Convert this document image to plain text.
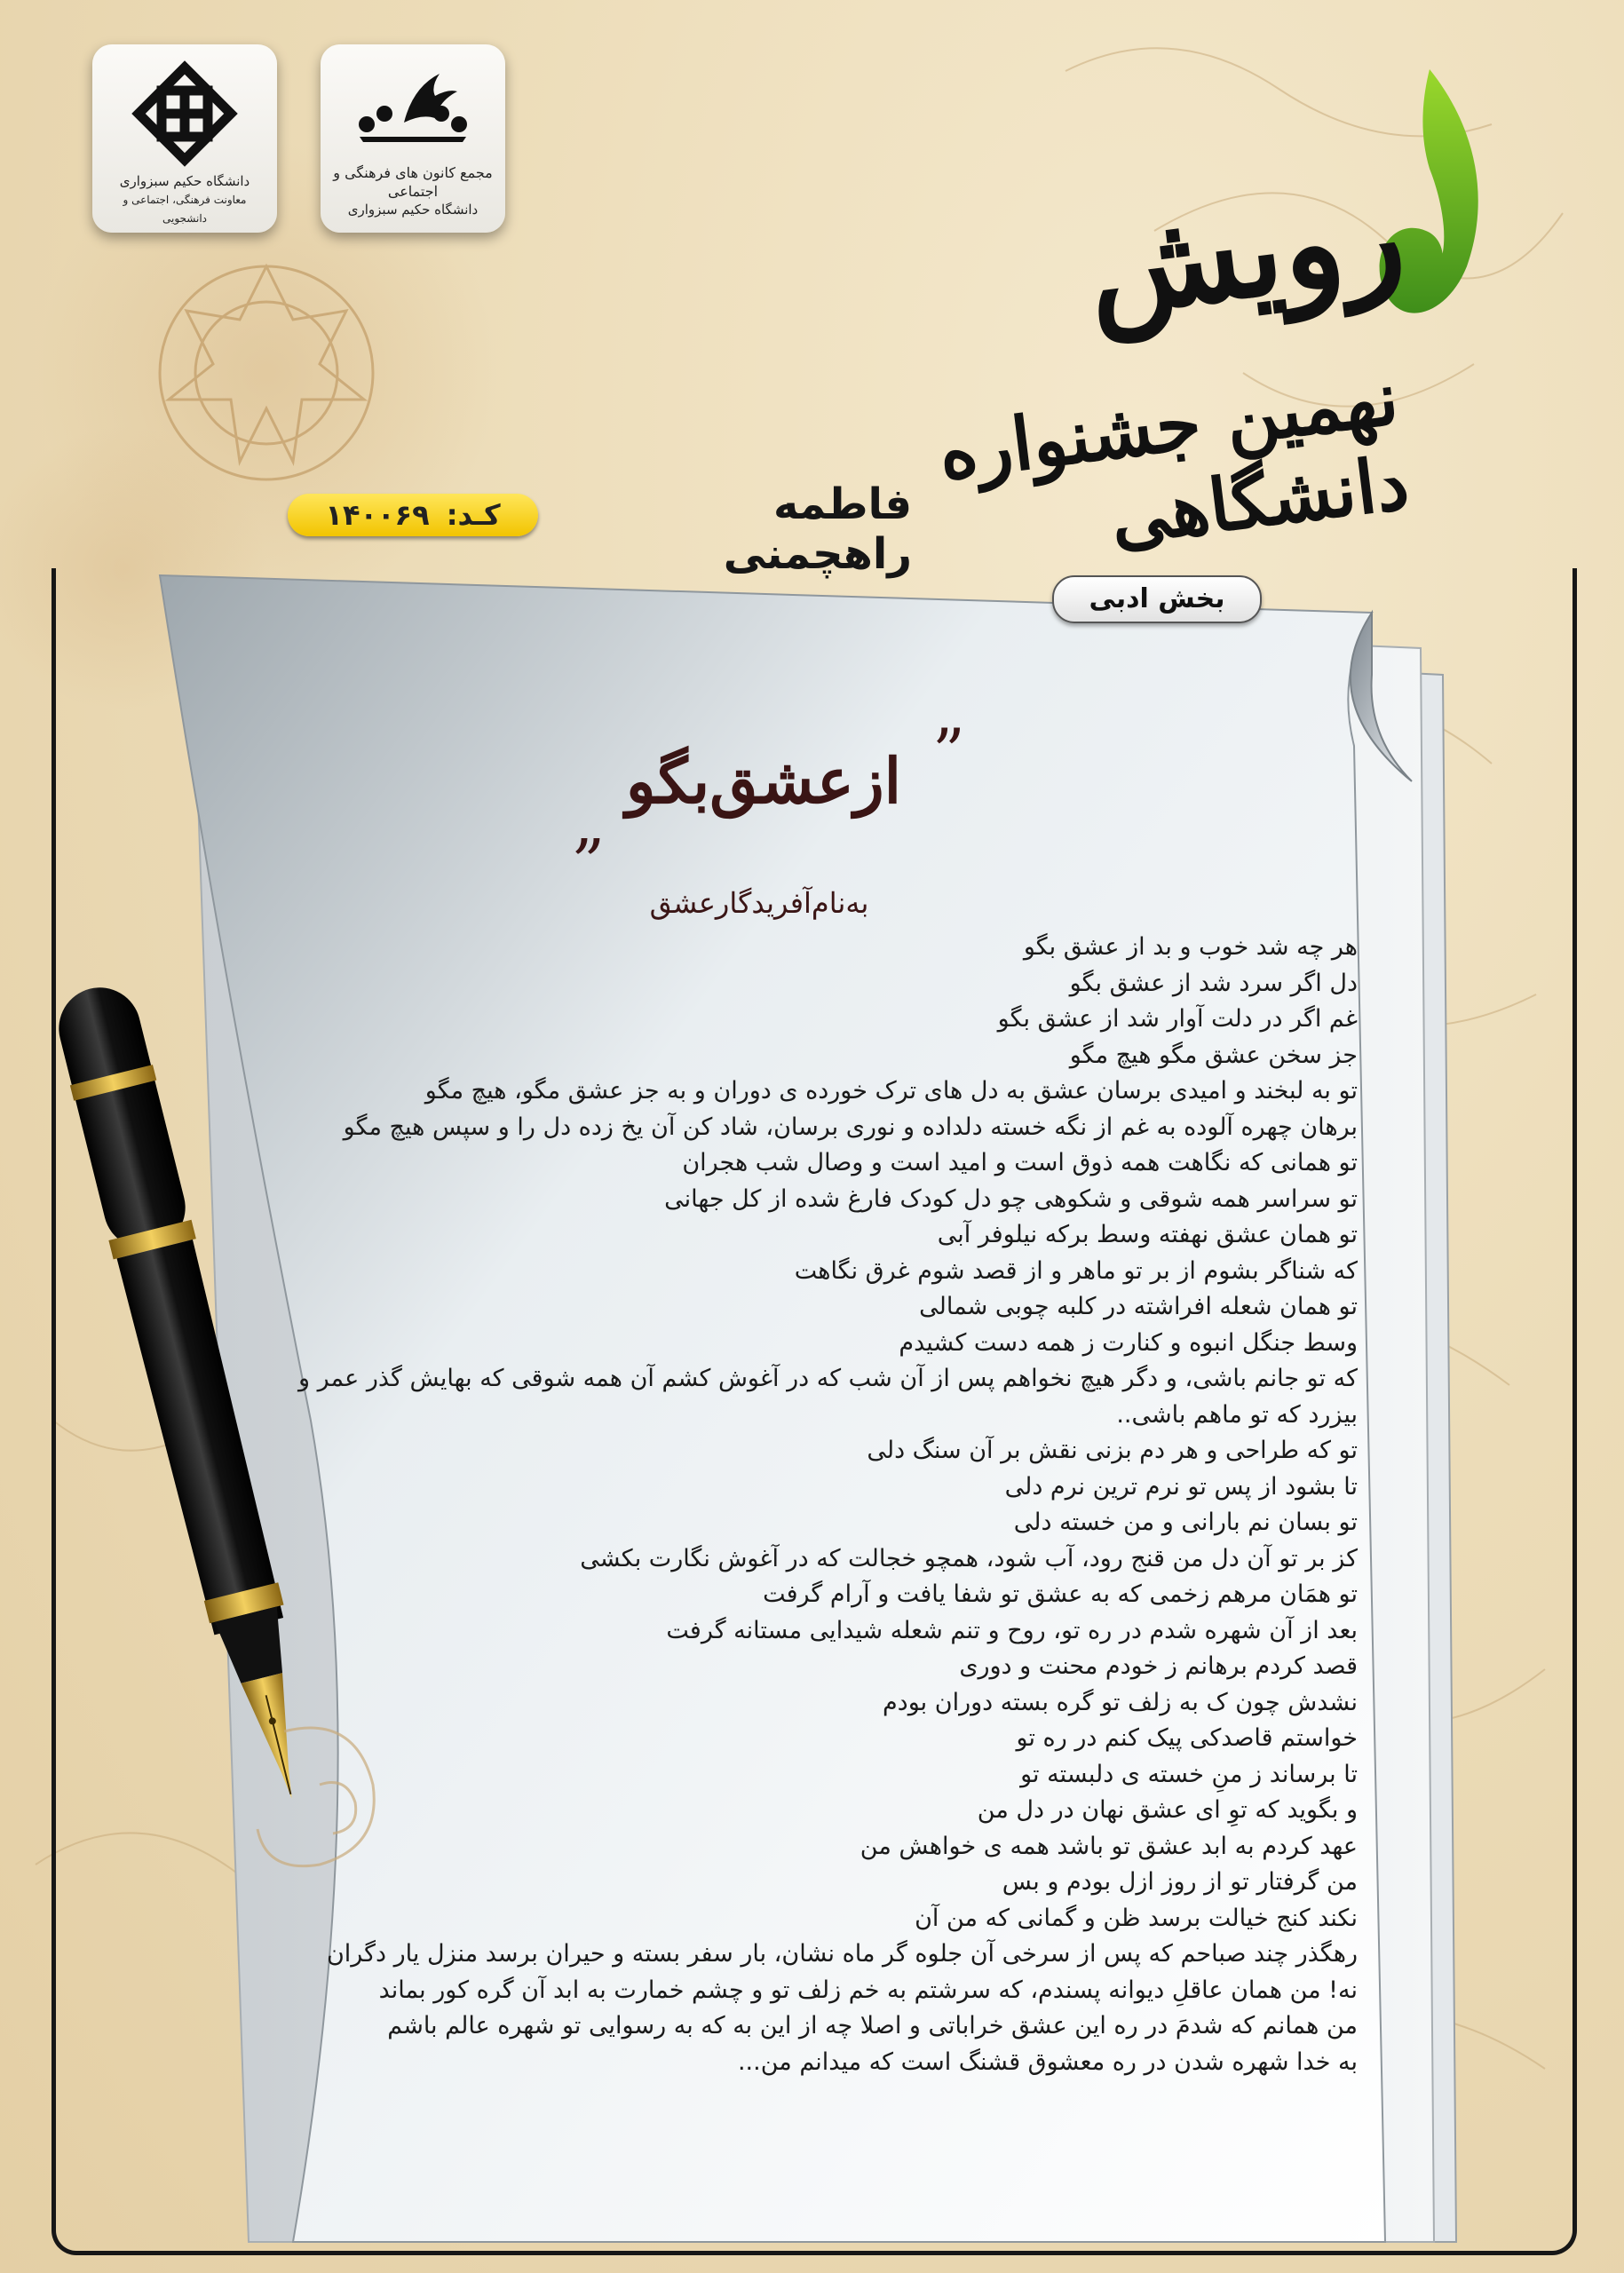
دانشگاه حکیم سبزواری
معاونت فرهنگی، اجتماعی و دانشجویی
مجمع کانون های فرهنگی و اجتماعی
دانشگاه حکیم سبزواری	رویش
نهمین جشنواره دانشگاهی
فاطمه راهچمنی
کـد: ۱۴۰۰۶۹
بخش ادبی
”
ازعشق‌بگو
„
به‌نام‌آفریدگارعشق
هر چه شد خوب و بد از عشق بگو
دل اگر سرد شد از عشق بگو
غم اگر در دلت آوار شد از عشق بگو
جز سخن عشق مگو هیچ مگو
تو به لبخند و امیدی برسان عشق به دل های ترک خورده ی دوران و به جز عشق مگو، هیچ مگو
برهان چهره آلوده به غم از نگه خسته دلداده و نوری برسان، شاد کن آن یخ زده دل را و سپس هیچ مگو
تو همانی که نگاهت همه ذوق است و امید است و وصال شب هجران
تو سراسر همه شوقی و شکوهی چو دل کودک فارغ شده از کل جهانی
تو همان عشق نهفته وسط برکه نیلوفر آبی
که شناگر بشوم از بر تو ماهر و از قصد شوم غرق نگاهت
تو همان شعله افراشته در کلبه چوبی شمالی
وسط جنگل انبوه و کنارت ز همه دست کشیدم
که تو جانم باشی، و دگر هیچ نخواهم پس از آن شب که در آغوش کشم آن همه شوقی که بهایش گذر عمر و
بیزرد که تو ماهم باشی..
تو که طراحی و هر دم بزنی نقش بر آن سنگ دلی
تا بشود از پس تو نرم ترین نرم دلی
تو بسان نم بارانی و من خسته دلی
کز بر تو آن دل من قنج رود، آب شود، همچو خجالت که در آغوش نگارت بکشی
تو همَان مرهم زخمی که به عشق تو شفا یافت و آرام گرفت
بعد از آن شهره شدم در ره تو، روح و تنم شعله شیدایی مستانه گرفت
قصد کردم برهانم ز خودم محنت و دوری
نشدش چون ک به زلف تو گره بسته دوران بودم
خواستم قاصدکی پیک کنم در ره تو
تا برساند ز منِ خسته ی دلبسته تو
و بگوید که توِ ای عشق نهان در دل من
عهد کردم به ابد عشق تو باشد همه ی خواهش من
من گرفتار تو از روز ازل بودم و بس
نکند کنج خیالت برسد ظن و گمانی که من آن
رهگذر چند صباحم که پس از سرخی آن جلوه گر ماه نشان، بار سفر بسته و حیران برسد منزل یار دگران
نه! من همان عاقلِ دیوانه پسندم، که سرشتم به خم زلف تو و چشم خمارت به ابد آن گره کور بماند
من همانم که شدمَ در ره این عشق خراباتی و اصلا چه از این به که به رسوایی تو شهره عالم باشم
به خدا شهره شدن در ره معشوق قشنگ است که میدانم من...
